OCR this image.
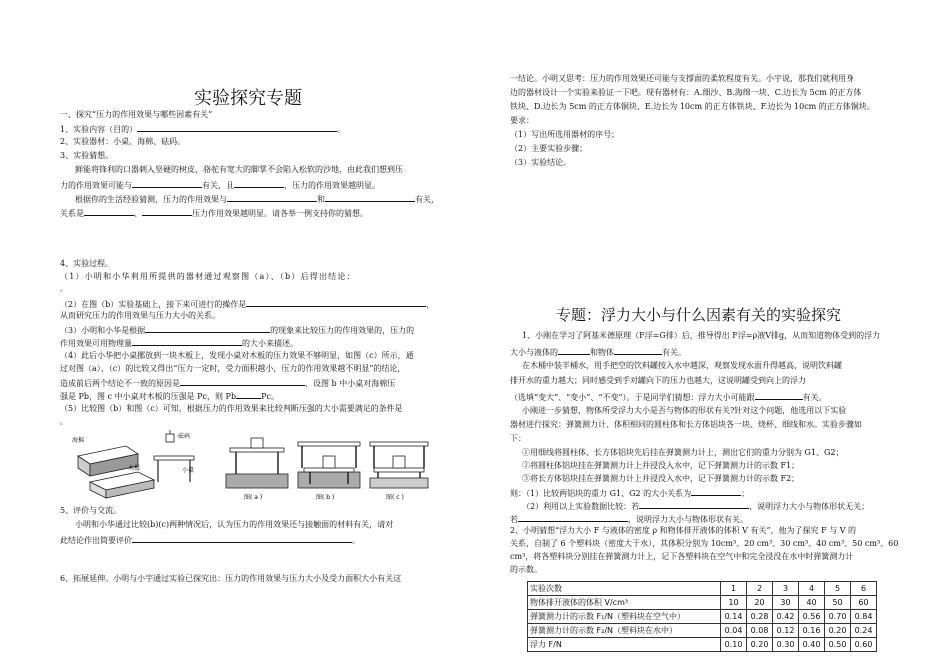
实验探究专题
一、探究“压力的作用效果与哪些因素有关”
1、实验内容（目的）	。
2、实验器材：小桌、海棉、砝码。
3、实验猜想。
鲜能将锋利的口器刺入坚硬的树皮，骆驼有宽大的脚掌不会陷入松软的沙地，由此我们想到压
力的作用效果可能与	有关，且	，压力的作用效果越明显。
根据你的生活经验猜测，压力的作用效果与	和	有关，
关系是	、	压力作用效果越明显。请各举一例支持你的猜想。
4、实验过程。
（1）小明和小华利用所提供的器材通过观察图（a）、（b）后得出结论：
。
（2）在图（b）实验基础上，接下来可进行的操作是	，
从而研究压力的作用效果与压力大小的关系。
（3）小明和小华是根据	的现象来比较压力的作用效果的，压力的
作用效果可用物理量	的大小来描述。
（4）此后小华把小桌挪放到一块木板上，发现小桌对木板的压力效果不够明显，如图（c）所示，通
过对图（a）、（c）的比较又得出“压力一定时，受力面积越小，压力的作用效果越不明显”的结论，
造成前后两个结论不一致的原因是	，设图 b 中小桌对海棉压
强是 Pb，图 c 中小桌对木板的压强是 Pc，则 Pb	Pc。
（5）比较图（b）和图（c）可知，根据压力的作用效果来比较判断压强的大小需要满足的条件是
。
海棉
木板
砝码
小桌
图( a )	图( b )	图( c )
5、评价与交流。
小明和小华通过比较(b)(c)两种情况后，认为压力的作用效果还与接触面的材料有关，请对
此结论作出简要评价	。
6、拓展延伸。小明与小宇通过实验已探究出：压力的作用效果与压力大小及受力面积大小有关这
一结论。小明又思考：压力的作用效果还可能与支撑面的柔软程度有关。小宇说，那我们就利用身
边的器材设计一个实验来验证一下吧。现有器材有：A.细沙、B.海绵一块、C.边长为 5cm 的正方体
铁块、D.边长为 5cm 的正方体铜块、E.边长为 10cm 的正方体铁块、F.边长为 10cm 的正方体铜块。
要求：
（1）写出所选用器材的序号；
（2）主要实验步骤；
（3）实验结论。
专题：浮力大小与什么因素有关的实验探究
1、小刚在学习了阿基米德原理（F浮=G排）后，推导得出 F浮=ρ液V排g，从而知道物体受到的浮力
大小与液体的	和物体	有关。
在木桶中装半桶水，用手把空的饮料罐按入水中越深，观察发现水面升得越高，说明饮料罐
排开水的重力越大；同时感受到手对罐向下的压力也越大，这说明罐受到向上的浮力
（选填“变大”、“变小”、“不变”）。于是同学们猜想：浮力大小可能跟	有关。
小刚进一步猜想，物体所受浮力大小是否与物体的形状有关?针对这个问题，他选用以下实验
器材进行探究：弹簧测力计、体积相同的圆柱体和长方体铝块各一块、烧杯、细线和水。实验步骤如
下：
①用细线将圆柱体、长方体铝块先后挂在弹簧测力计上，测出它们的重力分别为 G1、G2；
②将圆柱体铝块挂在弹簧测力计上并浸没入水中，记下弹簧测力计的示数 F1；
③将长方体铝块挂在弹簧测力计上并浸没入水中，记下弹簧测力计的示数 F2；
则：（1）比较两铝块的重力 G1、G2 的大小关系为	；
（2）利用以上实验数据比较：若	，说明浮力大小与物体形状无关；
若	，说明浮力大小与物体形状有关。
2、小明猜想“浮力大小 F 与液体的密度 ρ 和物体排开液体的体积 V 有关”，他为了探究 F 与 V 的
关系，自制了 6 个塑料块（密度大于水），其体积分别为 10cm³、20 cm³、30 cm³、40 cm³、50 cm³、60
cm³，将各塑料块分别挂在弹簧测力计上，记下各塑料块在空气中和完全浸没在水中时弹簧测力计
的示数。
实验次数	1	2	3	4	5	6
物体排开液体的体积 V/cm³	10	20	30	40	50	60
弹簧测力计的示数 F₁/N（塑料块在空气中）	0.14	0.28	0.42	0.56	0.70	0.84
弹簧测力计的示数 F₂/N（塑料块在水中）	0.04	0.08	0.12	0.16	0.20	0.24
浮力 F/N	0.10	0.20	0.30	0.40	0.50	0.60
